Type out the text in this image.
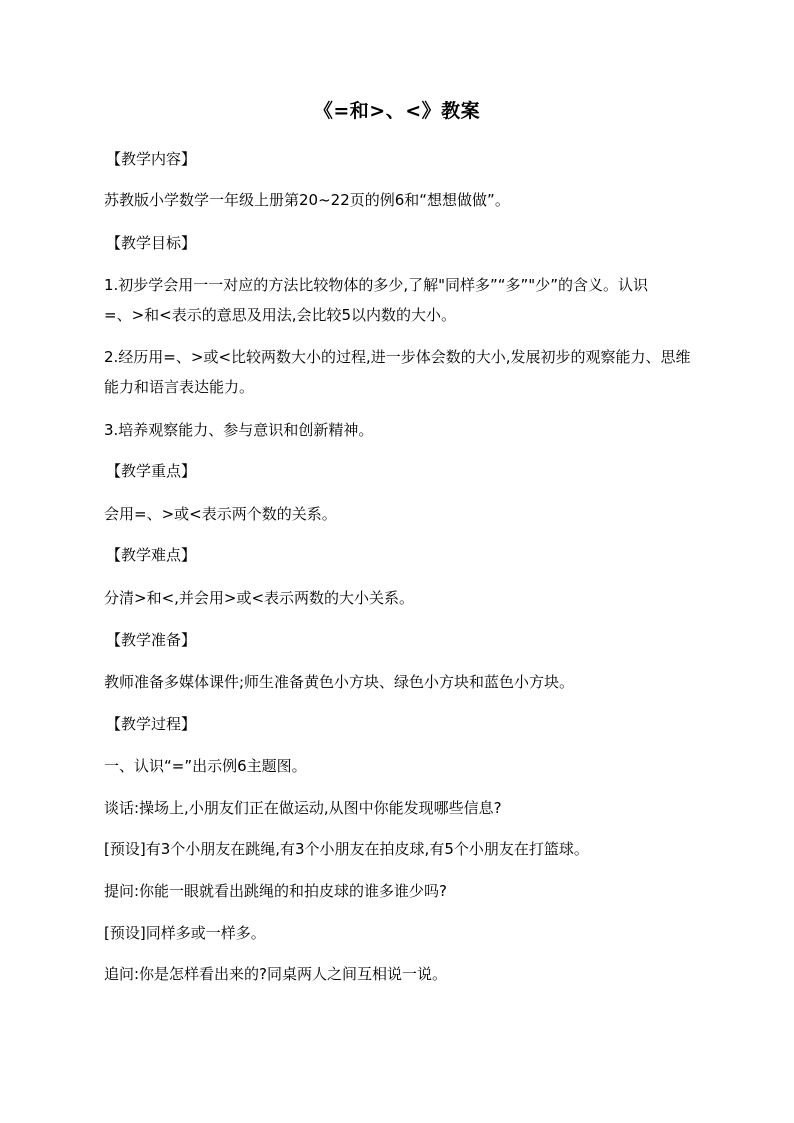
《=和>、<》教案
【教学内容】
苏教版小学数学一年级上册第20~22页的例6和“想想做做”。
【教学目标】
1.初步学会用一一对应的方法比较物体的多少,了解"同样多”“多”"少”的含义。认识
=、>和<表示的意思及用法,会比较5以内数的大小。
2.经历用=、>或<比较两数大小的过程,进一步体会数的大小,发展初步的观察能力、思维
能力和语言表达能力。
3.培养观察能力、参与意识和创新精神。
【教学重点】
会用=、>或<表示两个数的关系。
【教学难点】
分清>和<,并会用>或<表示两数的大小关系。
【教学准备】
教师准备多媒体课件;师生准备黄色小方块、绿色小方块和蓝色小方块。
【教学过程】
一、认识“=”出示例6主题图。
谈话:操场上,小朋友们正在做运动,从图中你能发现哪些信息?
[预设]有3个小朋友在跳绳,有3个小朋友在拍皮球,有5个小朋友在打篮球。
提问:你能一眼就看出跳绳的和拍皮球的谁多谁少吗?
[预设]同样多或一样多。
追问:你是怎样看出来的?同桌两人之间互相说一说。
